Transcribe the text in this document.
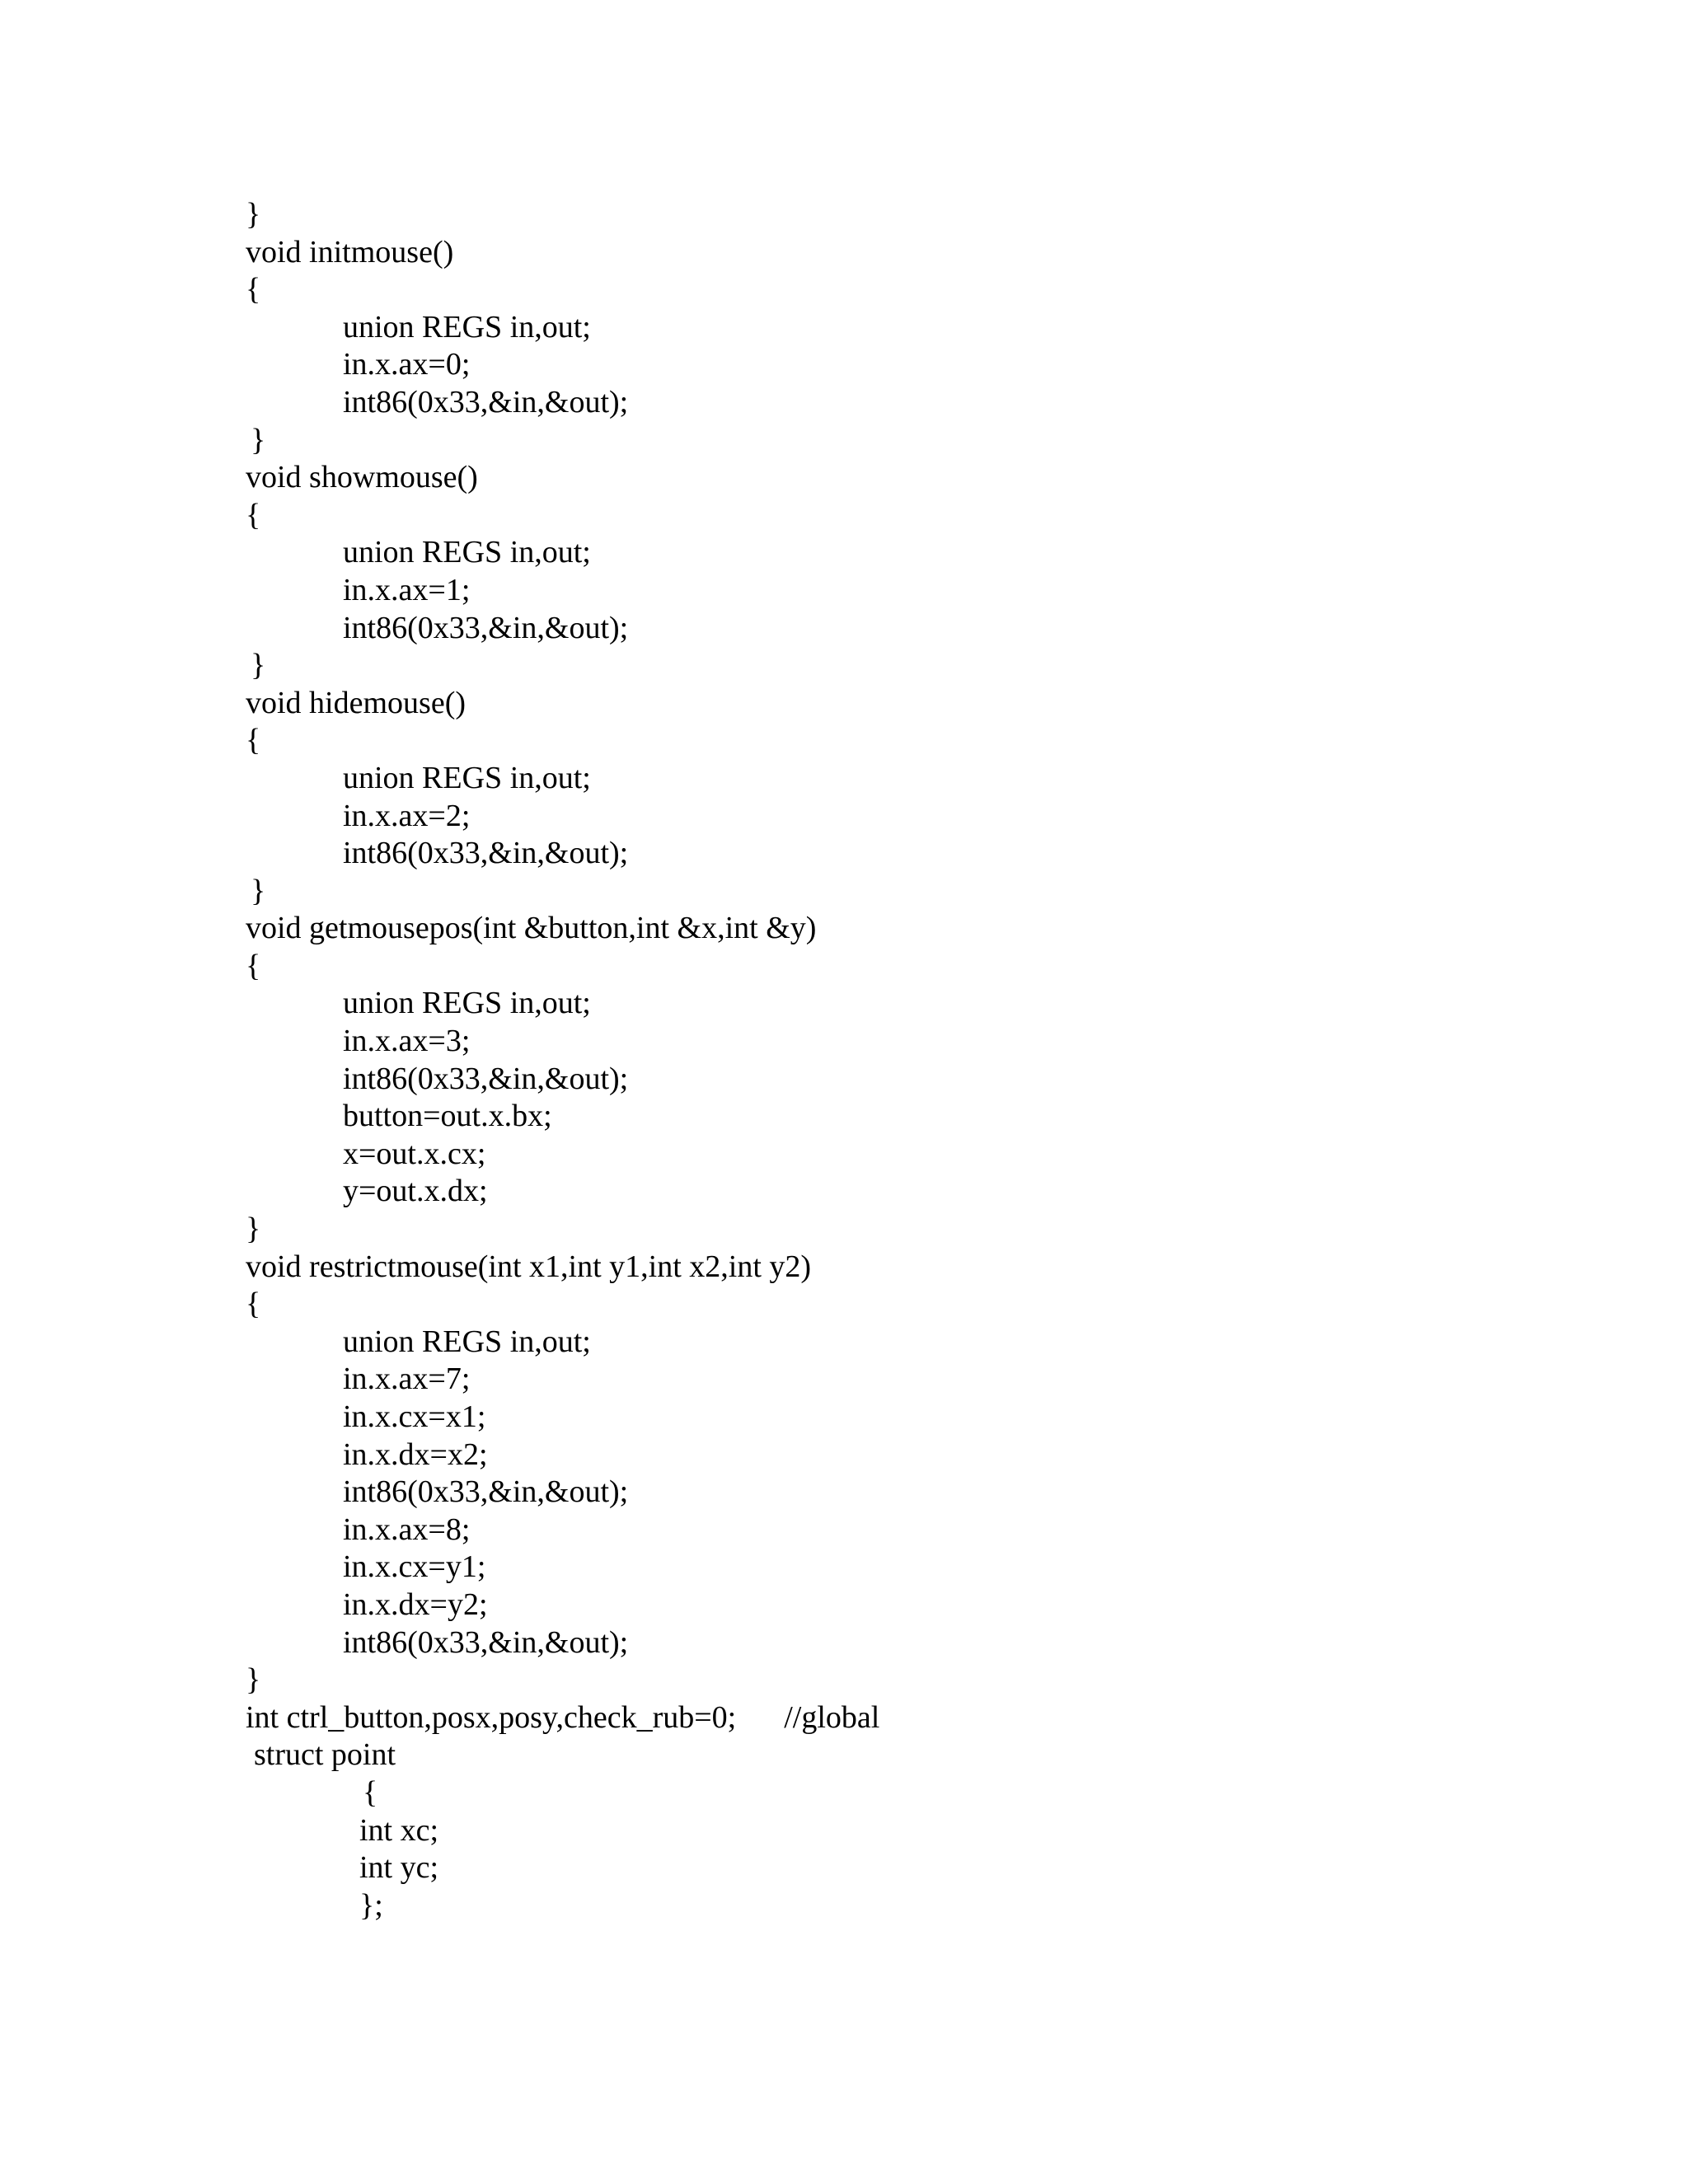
}
void initmouse()
{
union REGS in,out;
in.x.ax=0;
int86(0x33,&in,&out);
}
void showmouse()
{
union REGS in,out;
in.x.ax=1;
int86(0x33,&in,&out);
}
void hidemouse()
{
union REGS in,out;
in.x.ax=2;
int86(0x33,&in,&out);
}
void getmousepos(int &button,int &x,int &y)
{
union REGS in,out;
in.x.ax=3;
int86(0x33,&in,&out);
button=out.x.bx;
x=out.x.cx;
y=out.x.dx;
}
void restrictmouse(int x1,int y1,int x2,int y2)
{
union REGS in,out;
in.x.ax=7;
in.x.cx=x1;
in.x.dx=x2;
int86(0x33,&in,&out);
in.x.ax=8;
in.x.cx=y1;
in.x.dx=y2;
int86(0x33,&in,&out);
}
int ctrl_button,posx,posy,check_rub=0; //global
struct point
{
int xc;
int yc;
};
